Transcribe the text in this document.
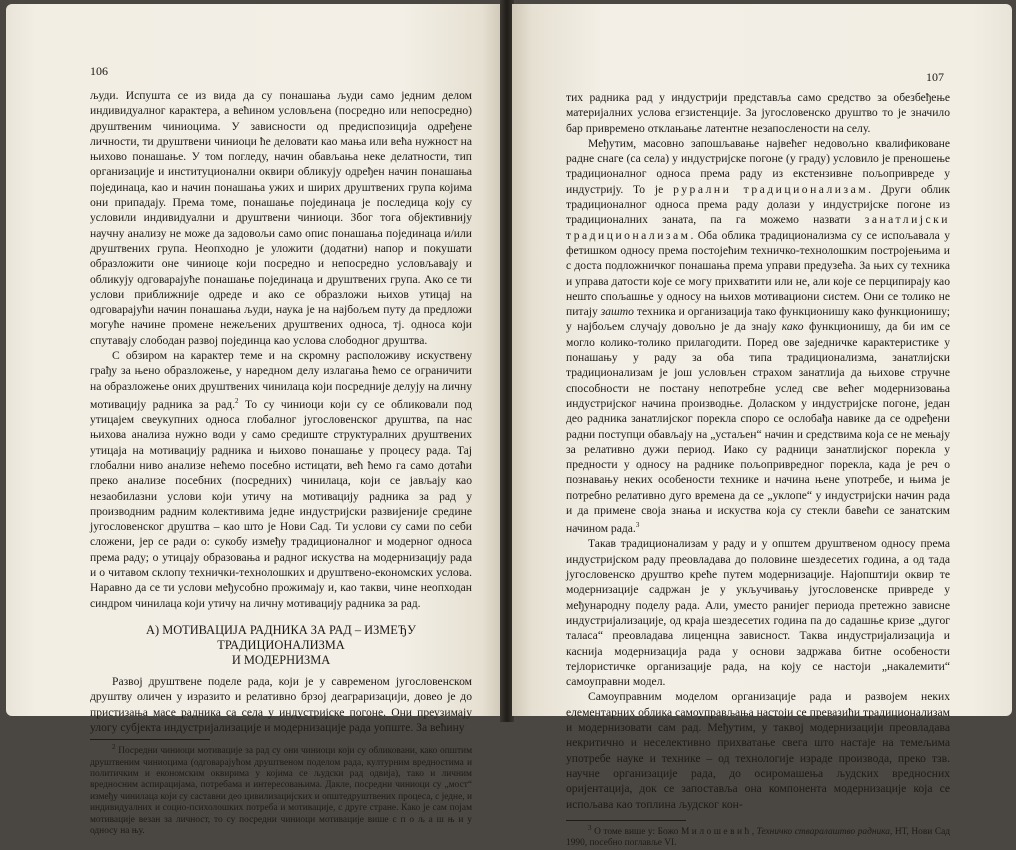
106

људи. Испушта се из вида да су понашања људи само једним делом индивидуалног карактера, а већином условљена (посредно или непосредно) друштвеним чиниоцима. У зависности од предиспозиција одређене личности, ти друштвени чиниоци ће деловати као мања или већа нужност на њихово понашање. У том погледу, начин обављања неке делатности, тип организације и институционални оквири обликују одређен начин понашања појединаца, као и начин понашања ужих и ширих друштвених група којима они припадају. Према томе, понашање појединаца је последица коју су условили индивидуални и друштвени чиниоци. Због тога објективнију научну анализу не може да задовољи само опис понашања појединаца и/или друштвених група. Неопходно је уложити (додатни) напор и покушати образложити оне чиниоце који посредно и непосредно условљавају и обликују одговарајуће понашање појединаца и друштвених група. Ако се ти услови приближније одреде и ако се образложи њихов утицај на одговарајући начин понашања људи, наука је на најбољем путу да предложи могуће начине промене нежељених друштвених односа, тј. односа који спутавају слободан развој појединца као услова слободног друштва.

С обзиром на карактер теме и на скромну расположиву искуствену грађу за њено образложење, у наредном делу излагања ћемо се ограничити на образложење оних друштвених чинилаца који посредније делују на личну мотивацију радника за рад.$^2$ То су чиниоци који су се обликовали под утицајем свеукупних односа глобалног југословенског друштва, па нас њихова анализа нужно води у само средиште структуралних друштвених утицаја на мотивацију радника и њихово понашање у процесу рада. Тај глобални ниво анализе нећемо посебно истицати, већ ћемо га само дотаћи преко анализе посебних (посредних) чинилаца, који се јављају као незаобилазни услови који утичу на мотивацију радника за рад у производним радним колективима једне индустријски развијеније средине југословенског друштва – као што је Нови Сад. Ти услови су сами по себи сложени, јер се ради о: сукобу између традиционалног и модерног односа према раду; о утицају образовања и радног искуства на модернизацију рада и о читавом склопу технички-технолошких и друштвено-економских услова. Наравно да се ти услови међусобно прожимају и, као такви, чине неопходан синдром чинилаца који утичу на личну мотивацију радника за рад.

А) МОТИВАЦИЈА РАДНИКА ЗА РАД – ИЗМЕЂУ ТРАДИЦИОНАЛИЗМА
И МОДЕРНИЗМА

Развој друштвене поделе рада, који је у савременом југословенском друштву оличен у изразито и релативно брзој деаграризацији, довео је до пристизања масе радника са села у индустријске погоне. Они преузимају улогу субјекта индустријализације и модернизације рада уопште. За већину

$^2$ Посредни чиниоци мотивације за рад су они чиниоци који су обликовани, како општим друштвеним чиниоцима (одговарајућом друштвеном поделом рада, културним вредностима и политичким и економским оквирима у којима се људски рад одвија), тако и личним вредносним аспирацијама, потребама и интересовањима. Дакле, посредни чиниоци су „мост“ између чинилаца који су саставни део цивилизацијских и општедруштвених процеса, с једне, и индивидуалних и социо-психолошких потреба и мотивације, с друге стране. Како је сам појам мотивације везан за личност, то су посредни чиниоци мотивације више с п о љ а ш њ и у односу на њу.

107

тих радника рад у индустрији представља само средство за обезбеђење материјалних услова егзистенције. За југословенско друштво то је значило бар привремено отклањање латентне незапослености на селу.

Међутим, масовно запошљавање највећег недовољно квалификоване радне снаге (са села) у индустријске погоне (у граду) условило је преношење традиционалног односа према раду из екстензивне пољопривреде у индустрију. То је рурални традиционализам. Други облик традиционалног односа према раду долази у индустријске погоне из традиционалних заната, па га можемо назвати занатлијски традиционализам. Оба облика традиционализма су се испољавала у фетишком односу према постојећим техничко-технолошким постројењима и с доста подложничког понашања према управи предузећа. За њих су техника и управа датости које се могу прихватити или не, али које се перципирају као нешто спољашње у односу на њихов мотивациони систем. Они се толико не питају зашто техника и организација тако функционишу како функционишу; у најбољем случају довољно је да знају како функционишу, да би им се могло колико-толико прилагодити. Поред ове заједничке карактеристике у понашању у раду за оба типа традиционализма, занатлијски традиционализам је још условљен страхом занатлија да њихове стручне способности не постану непотребне услед све већег модернизовања индустријског начина производње. Доласком у индустријске погоне, један део радника занатлијског порекла спорo се ослобађа навике да се одређени радни поступци обављају на „устаљен“ начин и средствима која се не мењају за релативно дужи период. Иако су радници занатлијског порекла у предности у односу на раднике пољопривредног порекла, када је реч о познавању неких особености технике и начина њене употребе, и њима је потребно релативно дуго времена да се „уклопе“ у индустријски начин рада и да примене своја знања и искуства која су стекли бавећи се занатским начином рада.$^3$

Такав традиционализам у раду и у општем друштвеном односу према индустријском раду преовладава до половине шездесетих година, а од тада југословенско друштво креће путем модернизације. Најопштији оквир те модернизације садржан је у укључивању југословенске привреде у међународну поделу рада. Али, уместо ранијег периода претежно зависне индустријализације, од краја шездесетих година па до садашње кризе „дугог таласа“ преовладава лиценцна зависност. Таква индустријализација и каснија модернизација рада у основи задржава битне особености тејлористичке организације рада, на коју се настоји „накалемити“ самоуправни модел.

Самоуправним моделом организације рада и развојем неких елементарних облика самоуправљања настоји се превазићи традиционализам и модернизовати сам рад. Међутим, у таквој модернизацији преовладава некритично и неселективно прихватање свега што настаје на темељима употребе науке и технике – од технологије израде производа, преко тзв. научне организације рада, до осиромашења људских вредносних оријентација, док се запостављa она компонента модернизације која се испољава као топлина људског кон-

$^3$ О томе више у: Божо Милошевић, Техничко стваралаштво радника, НТ, Нови Сад 1990, посебно поглавље VI.
